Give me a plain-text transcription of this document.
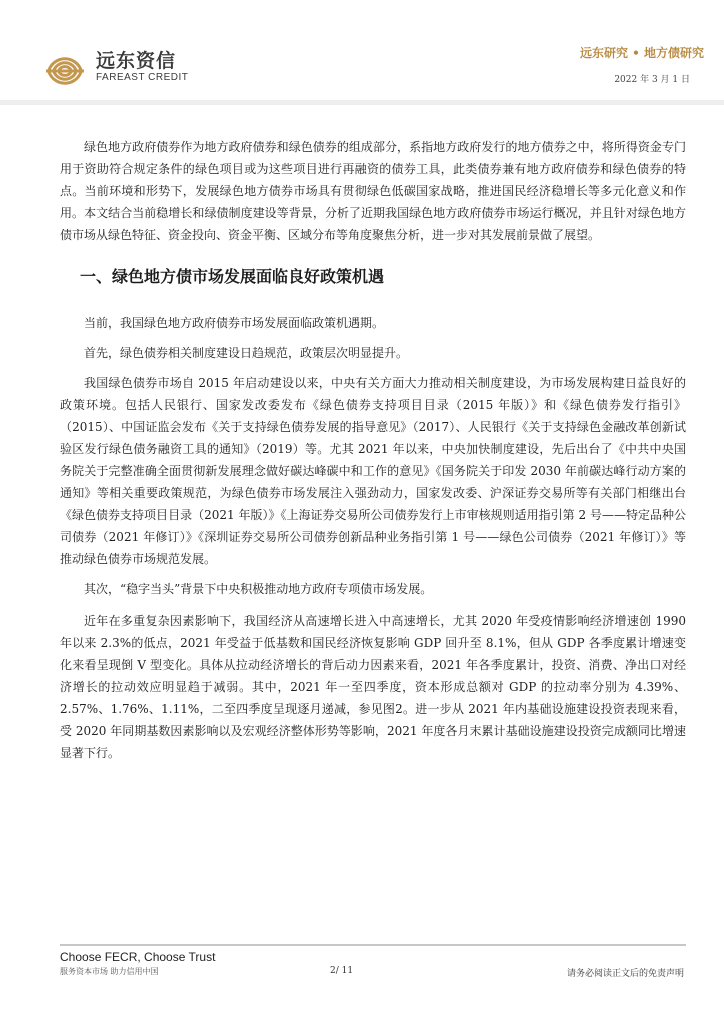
远东资信
FAREAST CREDIT
远东研究 • 地方债研究
2022 年 3 月 1 日

绿色地方政府债券作为地方政府债券和绿色债券的组成部分，系指地方政府发行的地方债券之中，将所得资金专门用于资助符合规定条件的绿色项目或为这些项目进行再融资的债券工具，此类债券兼有地方政府债券和绿色债券的特点。当前环境和形势下，发展绿色地方债券市场具有贯彻绿色低碳国家战略，推进国民经济稳增长等多元化意义和作用。本文结合当前稳增长和绿债制度建设等背景，分析了近期我国绿色地方政府债券市场运行概况，并且针对绿色地方债市场从绿色特征、资金投向、资金平衡、区域分布等角度聚焦分析，进一步对其发展前景做了展望。

一、绿色地方债市场发展面临良好政策机遇

当前，我国绿色地方政府债券市场发展面临政策机遇期。

首先，绿色债券相关制度建设日趋规范，政策层次明显提升。

我国绿色债券市场自 2015 年启动建设以来，中央有关方面大力推动相关制度建设，为市场发展构建日益良好的政策环境。包括人民银行、国家发改委发布《绿色债券支持项目目录（2015 年版）》和《绿色债券发行指引》（2015）、中国证监会发布《关于支持绿色债券发展的指导意见》（2017）、人民银行《关于支持绿色金融改革创新试验区发行绿色债务融资工具的通知》（2019）等。尤其 2021 年以来，中央加快制度建设，先后出台了《中共中央国务院关于完整准确全面贯彻新发展理念做好碳达峰碳中和工作的意见》《国务院关于印发 2030 年前碳达峰行动方案的通知》等相关重要政策规范，为绿色债券市场发展注入强劲动力，国家发改委、沪深证券交易所等有关部门相继出台《绿色债券支持项目目录（2021 年版）》《上海证券交易所公司债券发行上市审核规则适用指引第 2 号——特定品种公司债券（2021 年修订）》《深圳证券交易所公司债券创新品种业务指引第 1 号——绿色公司债券（2021 年修订）》等推动绿色债券市场规范发展。

其次，“稳字当头”背景下中央积极推动地方政府专项债市场发展。

近年在多重复杂因素影响下，我国经济从高速增长进入中高速增长，尤其 2020 年受疫情影响经济增速创 1990 年以来 2.3%的低点，2021 年受益于低基数和国民经济恢复影响 GDP 回升至 8.1%，但从 GDP 各季度累计增速变化来看呈现倒 V 型变化。具体从拉动经济增长的背后动力因素来看，2021 年各季度累计，投资、消费、净出口对经济增长的拉动效应明显趋于减弱。其中，2021 年一至四季度，资本形成总额对 GDP 的拉动率分别为 4.39%、2.57%、1.76%、1.11%，二至四季度呈现逐月递减，参见图2。进一步从 2021 年内基础设施建设投资表现来看，受 2020 年同期基数因素影响以及宏观经济整体形势等影响，2021 年度各月末累计基础设施建设投资完成额同比增速显著下行。

Choose FECR, Choose Trust
服务资本市场 助力信用中国	2/ 11	请务必阅读正文后的免责声明
